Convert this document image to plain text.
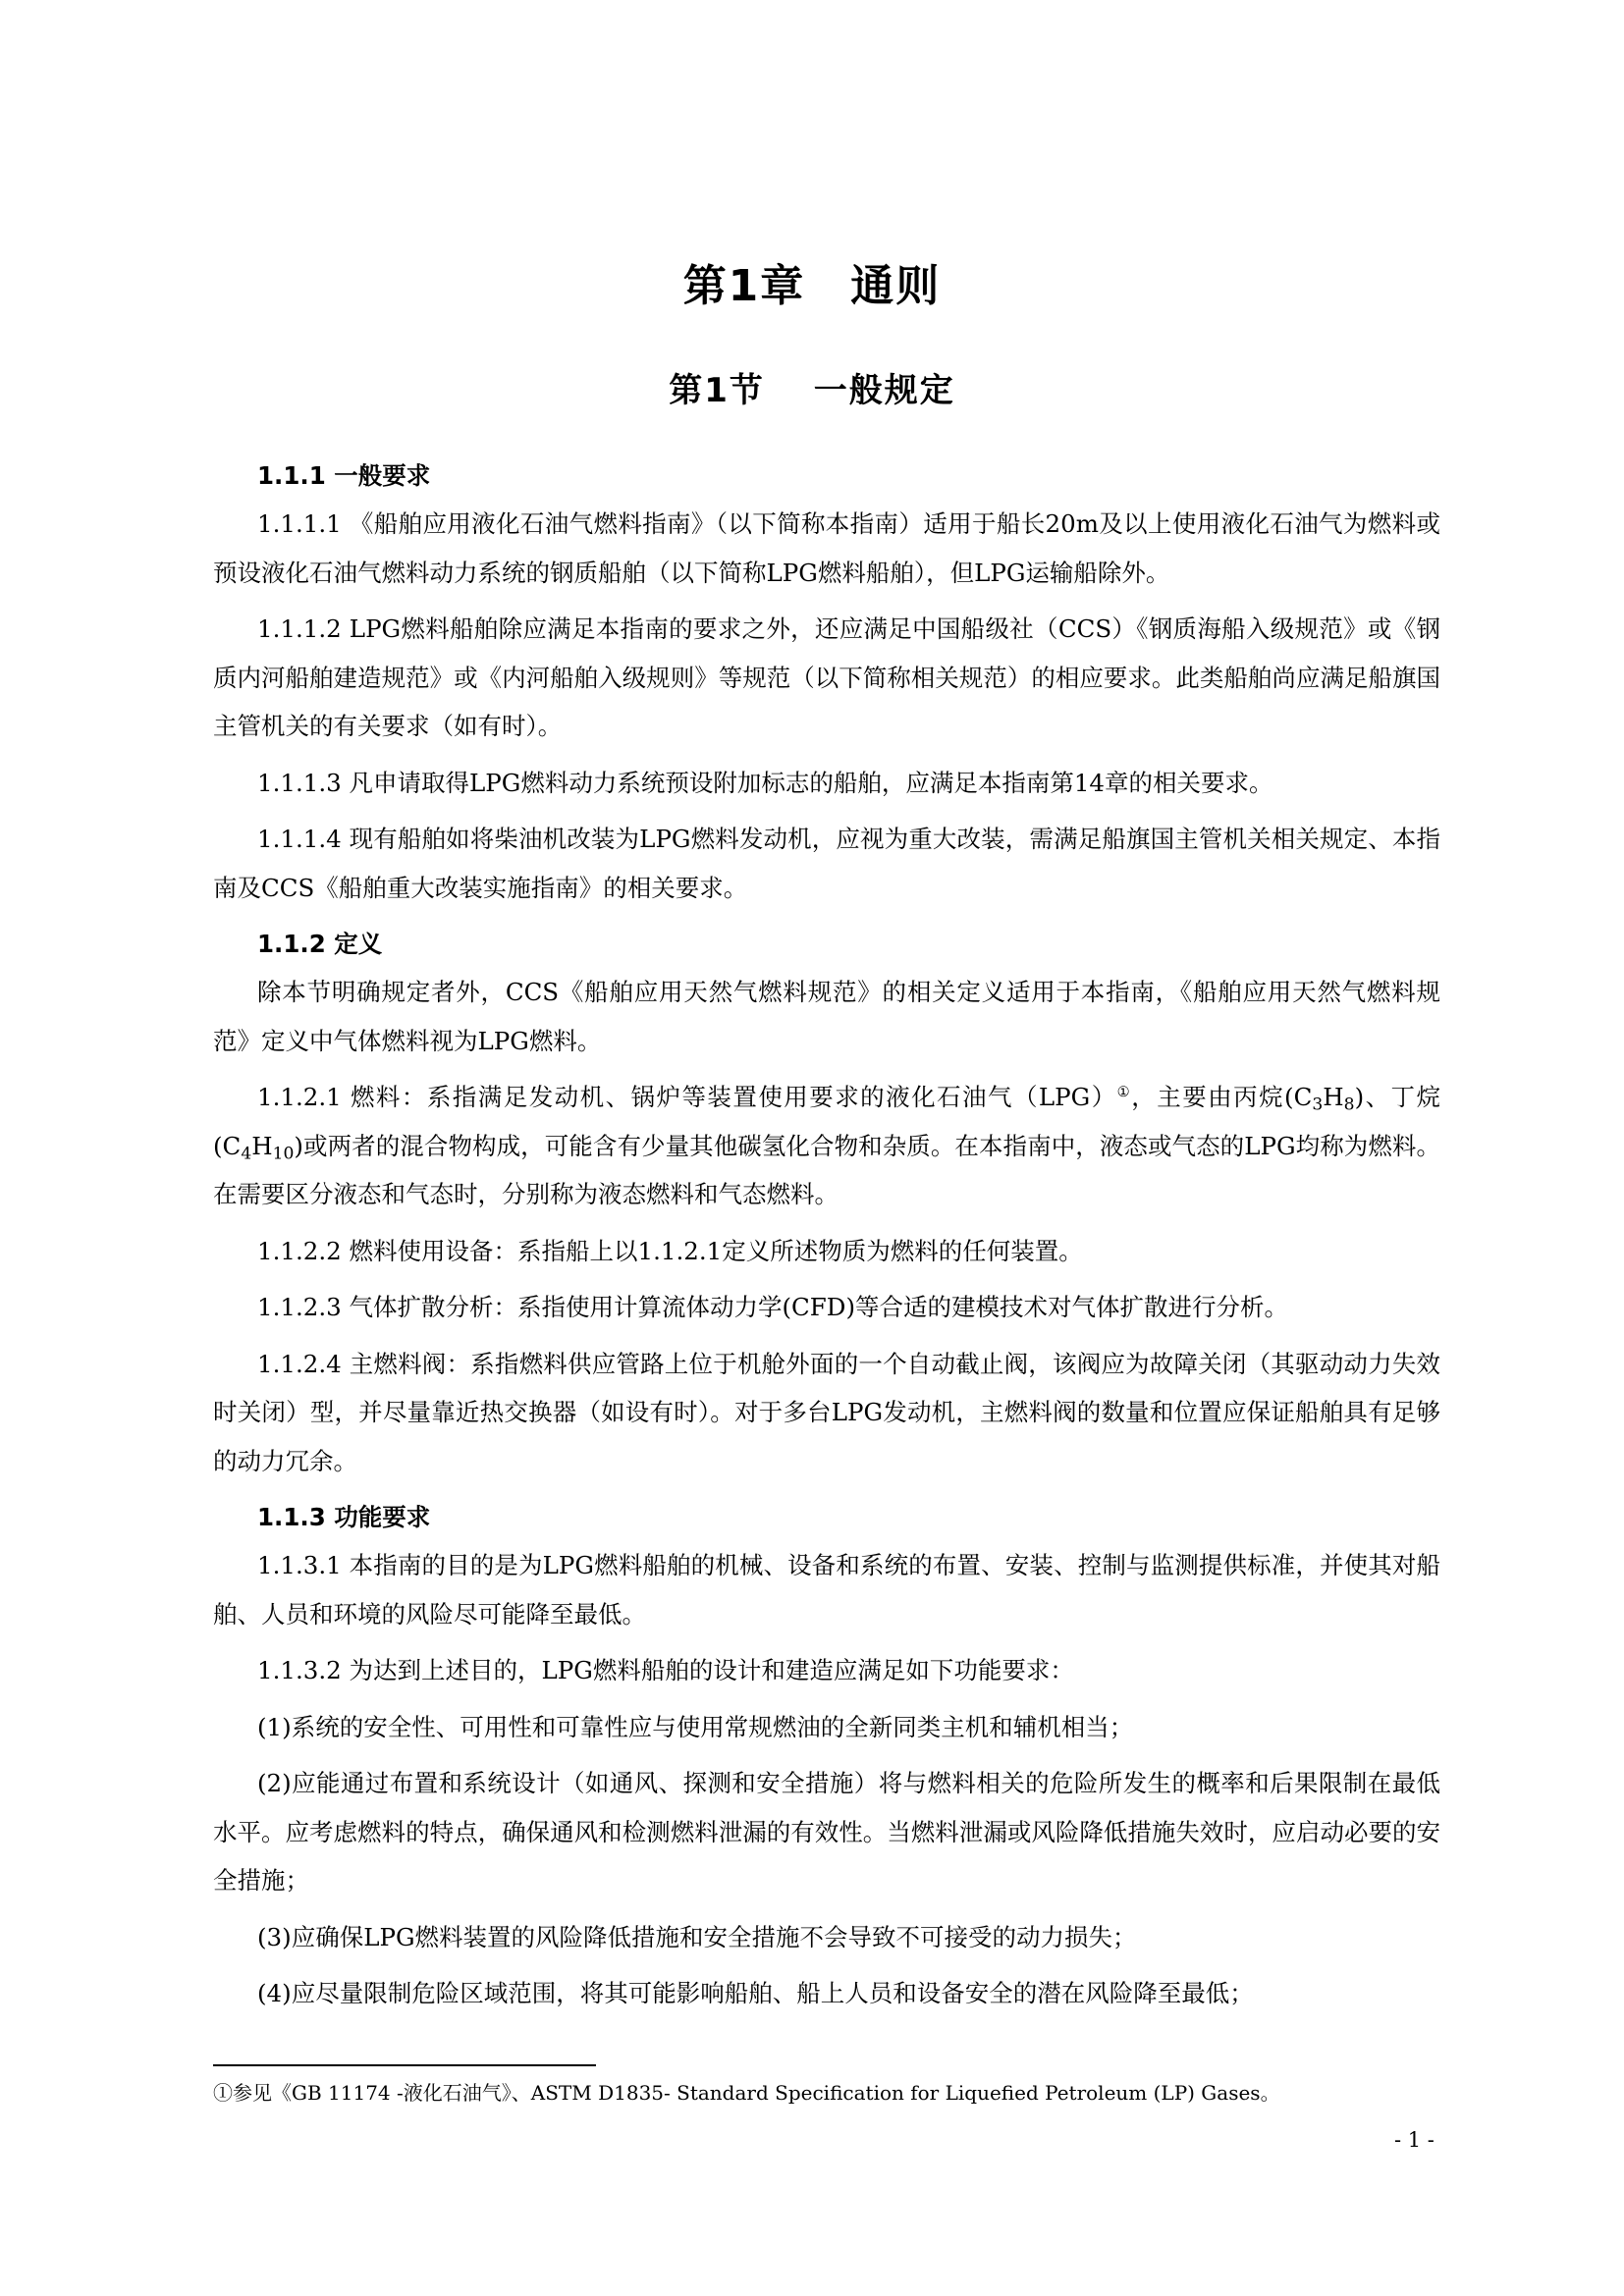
第1章　通则
第1节　 一般规定
1.1.1 一般要求

1.1.1.1 《船舶应用液化石油气燃料指南》（以下简称本指南）适用于船长20m及以上使用液化石油气为燃料或预设液化石油气燃料动力系统的钢质船舶（以下简称LPG燃料船舶），但LPG运输船除外。

1.1.1.2 LPG燃料船舶除应满足本指南的要求之外，还应满足中国船级社（CCS）《钢质海船入级规范》或《钢质内河船舶建造规范》或《内河船舶入级规则》等规范（以下简称相关规范）的相应要求。此类船舶尚应满足船旗国主管机关的有关要求（如有时）。

1.1.1.3 凡申请取得LPG燃料动力系统预设附加标志的船舶，应满足本指南第14章的相关要求。

1.1.1.4 现有船舶如将柴油机改装为LPG燃料发动机，应视为重大改装，需满足船旗国主管机关相关规定、本指南及CCS《船舶重大改装实施指南》的相关要求。

1.1.2 定义

除本节明确规定者外，CCS《船舶应用天然气燃料规范》的相关定义适用于本指南，《船舶应用天然气燃料规范》定义中气体燃料视为LPG燃料。

1.1.2.1 燃料：系指满足发动机、锅炉等装置使用要求的液化石油气（LPG）①，主要由丙烷$(C_3H_8)$、丁烷$(C_4H_{10})$或两者的混合物构成，可能含有少量其他碳氢化合物和杂质。在本指南中，液态或气态的LPG均称为燃料。在需要区分液态和气态时，分别称为液态燃料和气态燃料。

1.1.2.2 燃料使用设备：系指船上以1.1.2.1定义所述物质为燃料的任何装置。

1.1.2.3 气体扩散分析：系指使用计算流体动力学(CFD)等合适的建模技术对气体扩散进行分析。

1.1.2.4 主燃料阀：系指燃料供应管路上位于机舱外面的一个自动截止阀，该阀应为故障关闭（其驱动动力失效时关闭）型，并尽量靠近热交换器（如设有时）。对于多台LPG发动机，主燃料阀的数量和位置应保证船舶具有足够的动力冗余。

1.1.3 功能要求

1.1.3.1 本指南的目的是为LPG燃料船舶的机械、设备和系统的布置、安装、控制与监测提供标准，并使其对船舶、人员和环境的风险尽可能降至最低。

1.1.3.2 为达到上述目的，LPG燃料船舶的设计和建造应满足如下功能要求：

(1)系统的安全性、可用性和可靠性应与使用常规燃油的全新同类主机和辅机相当；

(2)应能通过布置和系统设计（如通风、探测和安全措施）将与燃料相关的危险所发生的概率和后果限制在最低水平。应考虑燃料的特点，确保通风和检测燃料泄漏的有效性。当燃料泄漏或风险降低措施失效时，应启动必要的安全措施；

(3)应确保LPG燃料装置的风险降低措施和安全措施不会导致不可接受的动力损失；

(4)应尽量限制危险区域范围，将其可能影响船舶、船上人员和设备安全的潜在风险降至最低；

①参见《GB 11174 -液化石油气》、ASTM D1835- Standard Specification for Liquefied Petroleum (LP) Gases。
- 1 -
